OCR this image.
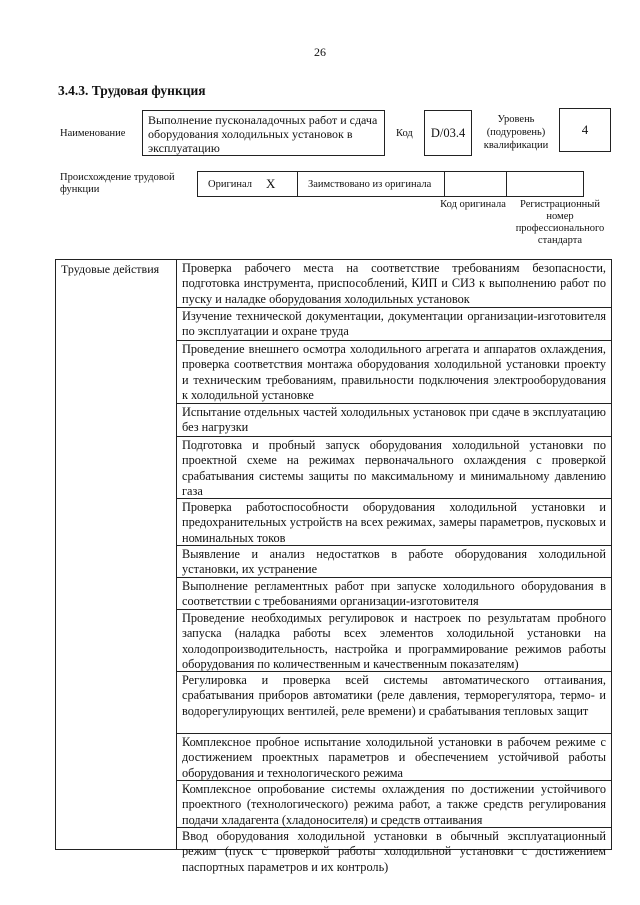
26
3.4.3. Трудовая функция
Наименование
Выполнение пусконаладочных работ и сдача оборудования холодильных установок в эксплуатацию
Код	D/03.4
Уровень (подуровень) квалификации
4
Происхождение трудовой функции	Оригинал X	Заимствовано из оригинала
Код оригинала	Регистрационный номер профессионального стандарта
Трудовые действия	Проверка рабочего места на соответствие требованиям безопасности, подготовка инструмента, приспособлений, КИП и СИЗ к выполнению работ по пуску и наладке оборудования холодильных установок
Изучение технической документации, документации организации-изготовителя по эксплуатации и охране труда
Проведение внешнего осмотра холодильного агрегата и аппаратов охлаждения, проверка соответствия монтажа оборудования холодильной установки проекту и техническим требованиям, правильности подключения электрооборудования к холодильной установке
Испытание отдельных частей холодильных установок при сдаче в эксплуатацию без нагрузки
Подготовка и пробный запуск оборудования холодильной установки по проектной схеме на режимах первоначального охлаждения с проверкой срабатывания системы защиты по максимальному и минимальному давлению газа
Проверка работоспособности оборудования холодильной установки и предохранительных устройств на всех режимах, замеры параметров, пусковых и номинальных токов
Выявление и анализ недостатков в работе оборудования холодильной установки, их устранение
Выполнение регламентных работ при запуске холодильного оборудования в соответствии с требованиями организации-изготовителя
Проведение необходимых регулировок и настроек по результатам пробного запуска (наладка работы всех элементов холодильной установки на холодопроизводительность, настройка и программирование режимов работы оборудования по количественным и качественным показателям)
Регулировка и проверка всей системы автоматического оттаивания, срабатывания приборов автоматики (реле давления, терморегулятора, термо- и водорегулирующих вентилей, реле времени) и срабатывания тепловых защит
Комплексное пробное испытание холодильной установки в рабочем режиме с достижением проектных параметров и обеспечением устойчивой работы оборудования и технологического режима
Комплексное опробование системы охлаждения по достижении устойчивого проектного (технологического) режима работ, а также средств регулирования подачи хладагента (хладоносителя) и средств оттаивания
Ввод оборудования холодильной установки в обычный эксплуатационный режим (пуск с проверкой работы холодильной установки с достижением паспортных параметров и их контроль)
